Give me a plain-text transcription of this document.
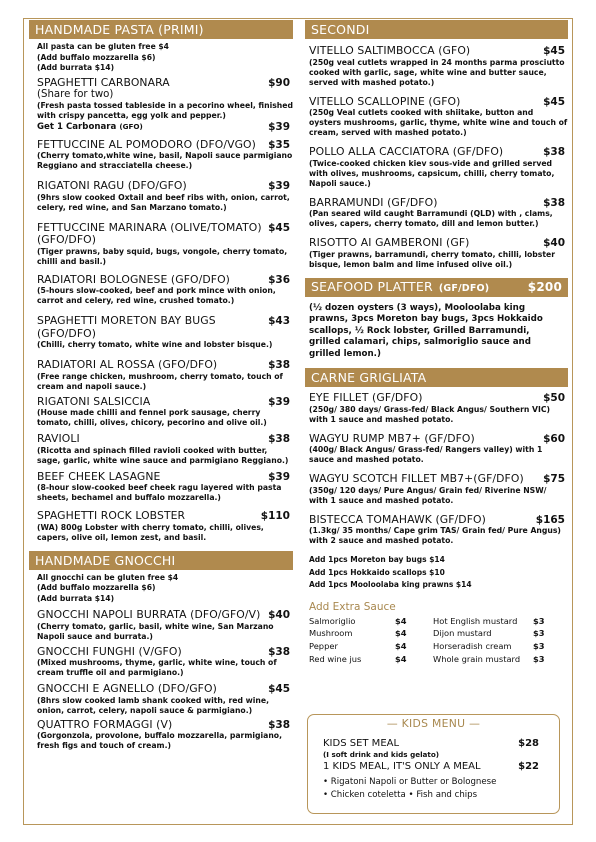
HANDMADE PASTA (PRIMI)
All pasta can be gluten free $4
(Add buffalo mozzarella $6)
(Add burrata $14)
SPAGHETTI CARBONARA	$90
(Share for two)
(Fresh pasta tossed tableside in a pecorino wheel, finished with crispy pancetta, egg yolk and pepper.)
Get 1 Carbonara (GFO)	$39
FETTUCCINE AL POMODORO (DFO/VGO) $35
(Cherry tomato,white wine, basil, Napoli sauce parmigiano Reggiano and stracciatella cheese.)
RIGATONI RAGU (DFO/GFO)	$39
(9hrs slow cooked Oxtail and beef ribs with, onion, carrot, celery, red wine, and San Marzano tomato.)
FETTUCCINE MARINARA (OLIVE/TOMATO) (GFO/DFO)
$45
(Tiger prawns, baby squid, bugs, vongole, cherry tomato, chilli and basil.)
RADIATORI BOLOGNESE (GFO/DFO)	$36
(5-hours slow-cooked, beef and pork mince with onion, carrot and celery, red wine, crushed tomato.)
SPAGHETTI MORETON BAY BUGS (GFO/DFO)
$43
(Chilli, cherry tomato, white wine and lobster bisque.)
RADIATORI AL ROSSA (GFO/DFO)	$38
(Free range chicken, mushroom, cherry tomato, touch of cream and napoli sauce.)
RIGATONI SALSICCIA	$39
(House made chilli and fennel pork sausage, cherry tomato, chilli, olives, chicory, pecorino and olive oil.)
RAVIOLI	$38
(Ricotta and spinach filled ravioli cooked with butter, sage, garlic, white wine sauce and parmigiano Reggiano.)
BEEF CHEEK LASAGNE	$39
(8-hour slow-cooked beef cheek ragu layered with pasta sheets, bechamel and buffalo mozzarella.)
SPAGHETTI ROCK LOBSTER	$110
(WA) 800g Lobster with cherry tomato, chilli, olives, capers, olive oil, lemon zest, and basil.
HANDMADE GNOCCHI
All gnocchi can be gluten free $4
(Add buffalo mozzarella $6)
(Add burrata $14)
GNOCCHI NAPOLI BURRATA (DFO/GFO/V) $40
(Cherry tomato, garlic, basil, white wine, San Marzano Napoli sauce and burrata.)
GNOCCHI FUNGHI (V/GFO)	$38
(Mixed mushrooms, thyme, garlic, white wine, touch of cream truffle oil and parmigiano.)
GNOCCHI E AGNELLO (DFO/GFO)	$45
(8hrs slow cooked lamb shank cooked with, red wine, onion, carrot, celery, napoli sauce & parmigiano.)
QUATTRO FORMAGGI (V)	$38
(Gorgonzola, provolone, buffalo mozzarella, parmigiano, fresh figs and touch of cream.)
SECONDI
VITELLO SALTIMBOCCA (GFO)	$45
(250g veal cutlets wrapped in 24 months parma prosciutto cooked with garlic, sage, white wine and butter sauce, served with mashed potato.)
VITELLO SCALLOPINE (GFO)	$45
(250g Veal cutlets cooked with shiitake, button and oysters mushrooms, garlic, thyme, white wine and touch of cream, served with mashed potato.)
POLLO ALLA CACCIATORA (GF/DFO)	$38
(Twice-cooked chicken kiev sous-vide and grilled served with olives, mushrooms, capsicum, chilli, cherry tomato, Napoli sauce.)
BARRAMUNDI (GF/DFO)	$38
(Pan seared wild caught Barramundi (QLD) with , clams, olives, capers, cherry tomato, dill and lemon butter.)
RISOTTO AI GAMBERONI (GF)	$40
(Tiger prawns, barramundi, cherry tomato, chilli, lobster bisque, lemon balm and lime infused olive oil.)
SEAFOOD PLATTER (GF/DFO)	$200
(½ dozen oysters (3 ways), Mooloolaba king prawns, 3pcs Moreton bay bugs, 3pcs Hokkaido scallops, ½ Rock lobster, Grilled Barramundi, grilled calamari, chips, salmoriglio sauce and grilled lemon.)
CARNE GRIGLIATA
EYE FILLET (GF/DFO)	$50
(250g/ 380 days/ Grass-fed/ Black Angus/ Southern VIC) with 1 sauce and mashed potato.
WAGYU RUMP MB7+ (GF/DFO)	$60
(400g/ Black Angus/ Grass-fed/ Rangers valley) with 1 sauce and mashed potato.
WAGYU SCOTCH FILLET MB7+(GF/DFO) $75
(350g/ 120 days/ Pure Angus/ Grain fed/ Riverine NSW/ with 1 sauce and mashed potato.
BISTECCA TOMAHAWK (GF/DFO)	$165
(1.3kg/ 35 months/ Cape grim TAS/ Grain fed/ Pure Angus) with 2 sauce and mashed potato.
Add 1pcs Moreton bay bugs $14
Add 1pcs Hokkaido scallops $10
Add 1pcs Mooloolaba king prawns $14
Add Extra Sauce
Salmoriglio	$4	Hot English mustard	$3
Mushroom	$4	Dijon mustard	$3
Pepper	$4	Horseradish cream	$3
Red wine jus	$4	Whole grain mustard	$3
— KIDS MENU —
KIDS SET MEAL	$28
(I soft drink and kids gelato)
1 KIDS MEAL, IT'S ONLY A MEAL	$22
• Rigatoni Napoli or Butter or Bolognese
• Chicken coteletta • Fish and chips
